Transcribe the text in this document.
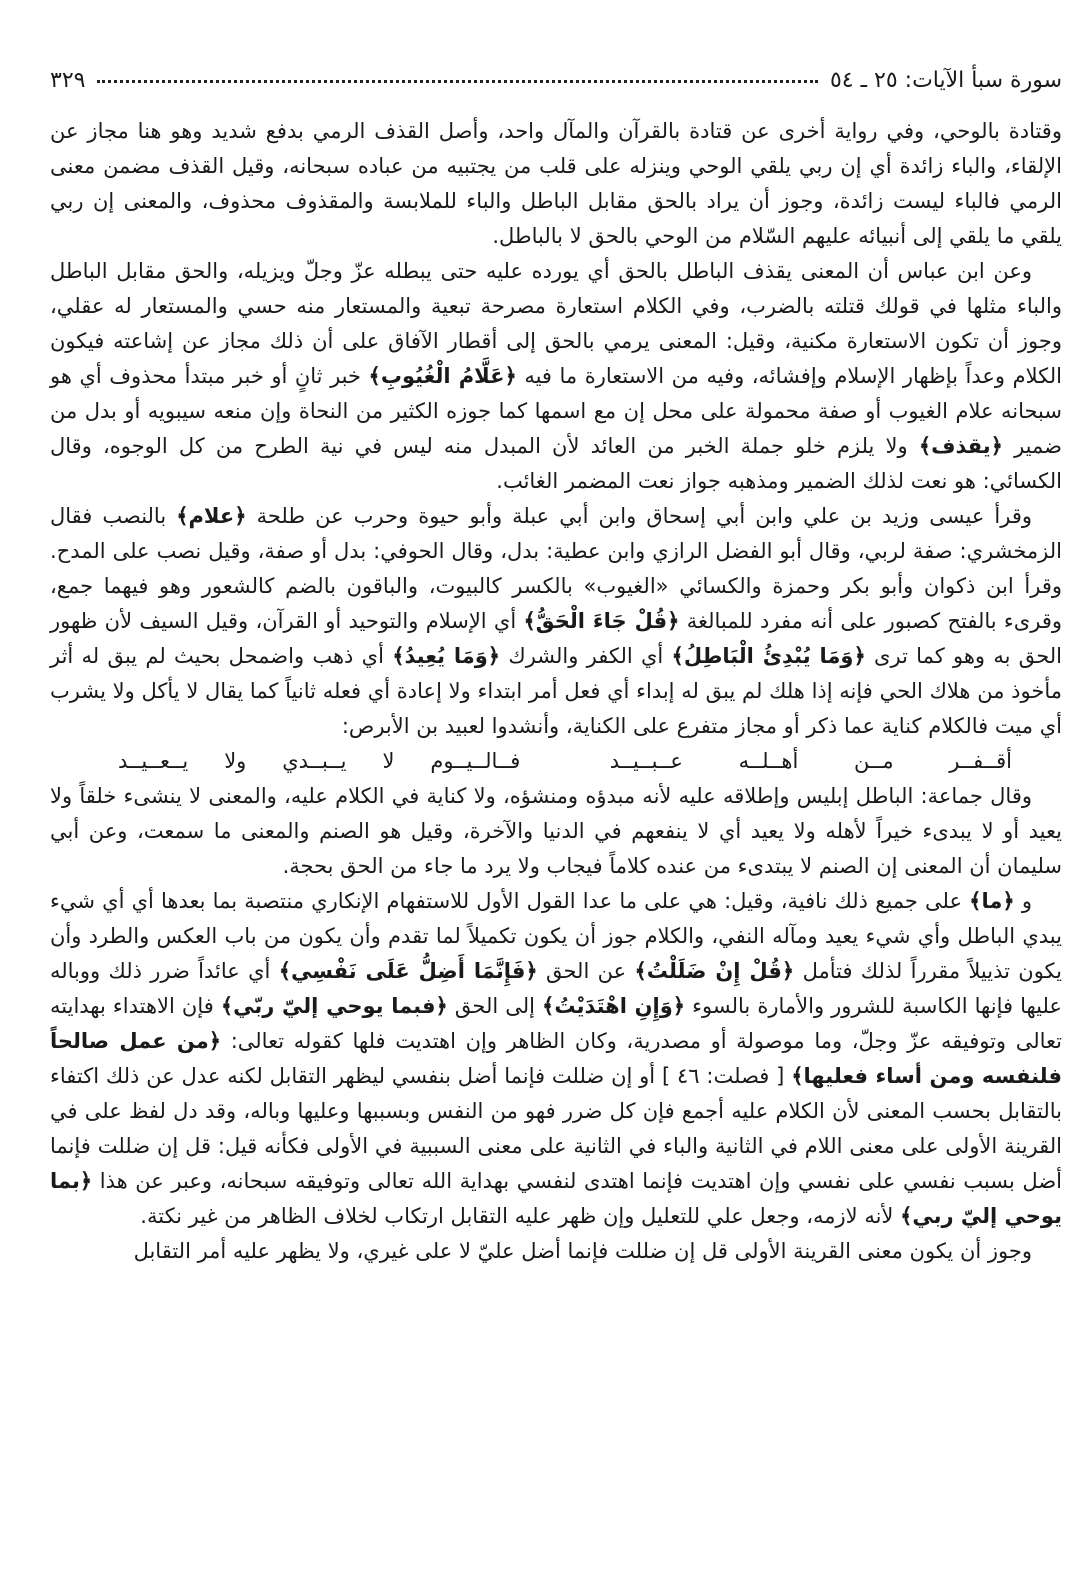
سورة سبأ الآيات: ٢٥ ـ ٥٤
٣٢٩

وقتادة بالوحي، وفي رواية أخرى عن قتادة بالقرآن والمآل واحد، وأصل القذف الرمي بدفع شديد وهو هنا مجاز عن الإلقاء، والباء زائدة أي إن ربي يلقي الوحي وينزله على قلب من يجتبيه من عباده سبحانه، وقيل القذف مضمن معنى الرمي فالباء ليست زائدة، وجوز أن يراد بالحق مقابل الباطل والباء للملابسة والمقذوف محذوف، والمعنى إن ربي يلقي ما يلقي إلى أنبيائه عليهم السّلام من الوحي بالحق لا بالباطل.

وعن ابن عباس أن المعنى يقذف الباطل بالحق أي يورده عليه حتى يبطله عزّ وجلّ ويزيله، والحق مقابل الباطل والباء مثلها في قولك قتلته بالضرب، وفي الكلام استعارة مصرحة تبعية والمستعار منه حسي والمستعار له عقلي، وجوز أن تكون الاستعارة مكنية، وقيل: المعنى يرمي بالحق إلى أقطار الآفاق على أن ذلك مجاز عن إشاعته فيكون الكلام وعداً بإظهار الإسلام وإفشائه، وفيه من الاستعارة ما فيه ﴿عَلَّامُ الْغُيُوبِ﴾ خبر ثانٍ أو خبر مبتدأ محذوف أي هو سبحانه علام الغيوب أو صفة محمولة على محل إن مع اسمها كما جوزه الكثير من النحاة وإن منعه سيبويه أو بدل من ضمير ﴿يقذف﴾ ولا يلزم خلو جملة الخبر من العائد لأن المبدل منه ليس في نية الطرح من كل الوجوه، وقال الكسائي: هو نعت لذلك الضمير ومذهبه جواز نعت المضمر الغائب.

وقرأ عيسى وزيد بن علي وابن أبي إسحاق وابن أبي عبلة وأبو حيوة وحرب عن طلحة ﴿علام﴾ بالنصب فقال الزمخشري: صفة لربي، وقال أبو الفضل الرازي وابن عطية: بدل، وقال الحوفي: بدل أو صفة، وقيل نصب على المدح. وقرأ ابن ذكوان وأبو بكر وحمزة والكسائي «الغيوب» بالكسر كالبيوت، والباقون بالضم كالشعور وهو فيهما جمع، وقرىء بالفتح كصبور على أنه مفرد للمبالغة ﴿قُلْ جَاءَ الْحَقُّ﴾ أي الإسلام والتوحيد أو القرآن، وقيل السيف لأن ظهور الحق به وهو كما ترى ﴿وَمَا يُبْدِئُ الْبَاطِلُ﴾ أي الكفر والشرك ﴿وَمَا يُعِيدُ﴾ أي ذهب واضمحل بحيث لم يبق له أثر مأخوذ من هلاك الحي فإنه إذا هلك لم يبق له إبداء أي فعل أمر ابتداء ولا إعادة أي فعله ثانياً كما يقال لا يأكل ولا يشرب أي ميت فالكلام كناية عما ذكر أو مجاز متفرع على الكناية، وأنشدوا لعبيد بن الأبرص:

أقــفــر مــن أهــلــه عــبــيــد
فــالــيــوم لا يــبــدي ولا يــعــيــد

وقال جماعة: الباطل إبليس وإطلاقه عليه لأنه مبدؤه ومنشؤه، ولا كناية في الكلام عليه، والمعنى لا ينشىء خلقاً ولا يعيد أو لا يبدىء خيراً لأهله ولا يعيد أي لا ينفعهم في الدنيا والآخرة، وقيل هو الصنم والمعنى ما سمعت، وعن أبي سليمان أن المعنى إن الصنم لا يبتدىء من عنده كلاماً فيجاب ولا يرد ما جاء من الحق بحجة.

و ﴿ما﴾ على جميع ذلك نافية، وقيل: هي على ما عدا القول الأول للاستفهام الإنكاري منتصبة بما بعدها أي أي شيء يبدي الباطل وأي شيء يعيد ومآله النفي، والكلام جوز أن يكون تكميلاً لما تقدم وأن يكون من باب العكس والطرد وأن يكون تذييلاً مقرراً لذلك فتأمل ﴿قُلْ إِنْ ضَلَلْتُ﴾ عن الحق ﴿فَإِنَّمَا أَضِلُّ عَلَى نَفْسِي﴾ أي عائداً ضرر ذلك ووباله عليها فإنها الكاسبة للشرور والأمارة بالسوء ﴿وَإِنِ اهْتَدَيْتُ﴾ إلى الحق ﴿فبما يوحي إليّ ربّي﴾ فإن الاهتداء بهدايته تعالى وتوفيقه عزّ وجلّ، وما موصولة أو مصدرية، وكان الظاهر وإن اهتديت فلها كقوله تعالى: ﴿من عمل صالحاً فلنفسه ومن أساء فعليها﴾ [ فصلت: ٤٦ ] أو إن ضللت فإنما أضل بنفسي ليظهر التقابل لكنه عدل عن ذلك اكتفاء بالتقابل بحسب المعنى لأن الكلام عليه أجمع فإن كل ضرر فهو من النفس وبسببها وعليها وباله، وقد دل لفظ على في القرينة الأولى على معنى اللام في الثانية والباء في الثانية على معنى السببية في الأولى فكأنه قيل: قل إن ضللت فإنما أضل بسبب نفسي على نفسي وإن اهتديت فإنما اهتدى لنفسي بهداية الله تعالى وتوفيقه سبحانه، وعبر عن هذا ﴿بما يوحي إليّ ربي﴾ لأنه لازمه، وجعل علي للتعليل وإن ظهر عليه التقابل ارتكاب لخلاف الظاهر من غير نكتة.

وجوز أن يكون معنى القرينة الأولى قل إن ضللت فإنما أضل عليّ لا على غيري، ولا يظهر عليه أمر التقابل
